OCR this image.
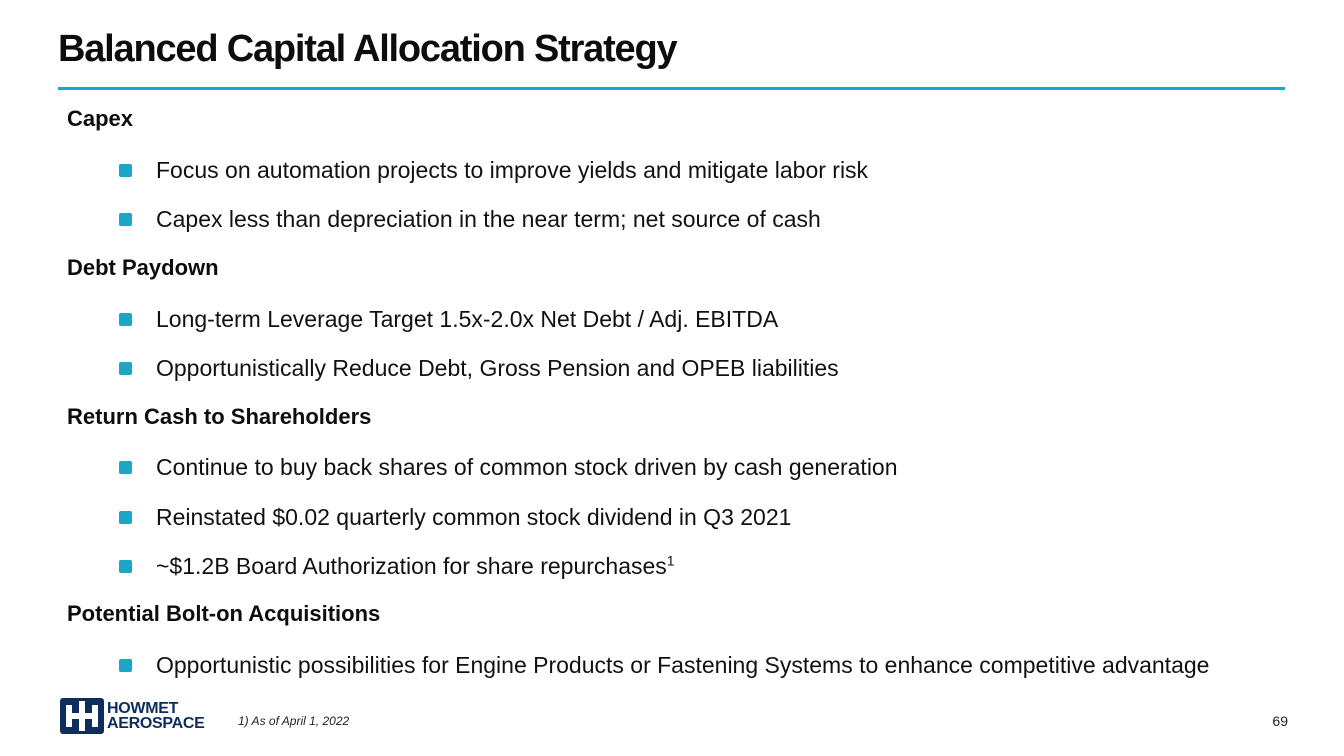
Balanced Capital Allocation Strategy
Capex
Focus on automation projects to improve yields and mitigate labor risk
Capex less than depreciation in the near term; net source of cash
Debt Paydown
Long-term Leverage Target 1.5x-2.0x Net Debt / Adj. EBITDA
Opportunistically Reduce Debt, Gross Pension and OPEB liabilities
Return Cash to Shareholders
Continue to buy back shares of common stock driven by cash generation
Reinstated $0.02 quarterly common stock dividend in Q3 2021
~$1.2B Board Authorization for share repurchases$^1$
Potential Bolt-on Acquisitions
Opportunistic possibilities for Engine Products or Fastening Systems to enhance competitive advantage
HOWMET
AEROSPACE	1) As of April 1, 2022	69
